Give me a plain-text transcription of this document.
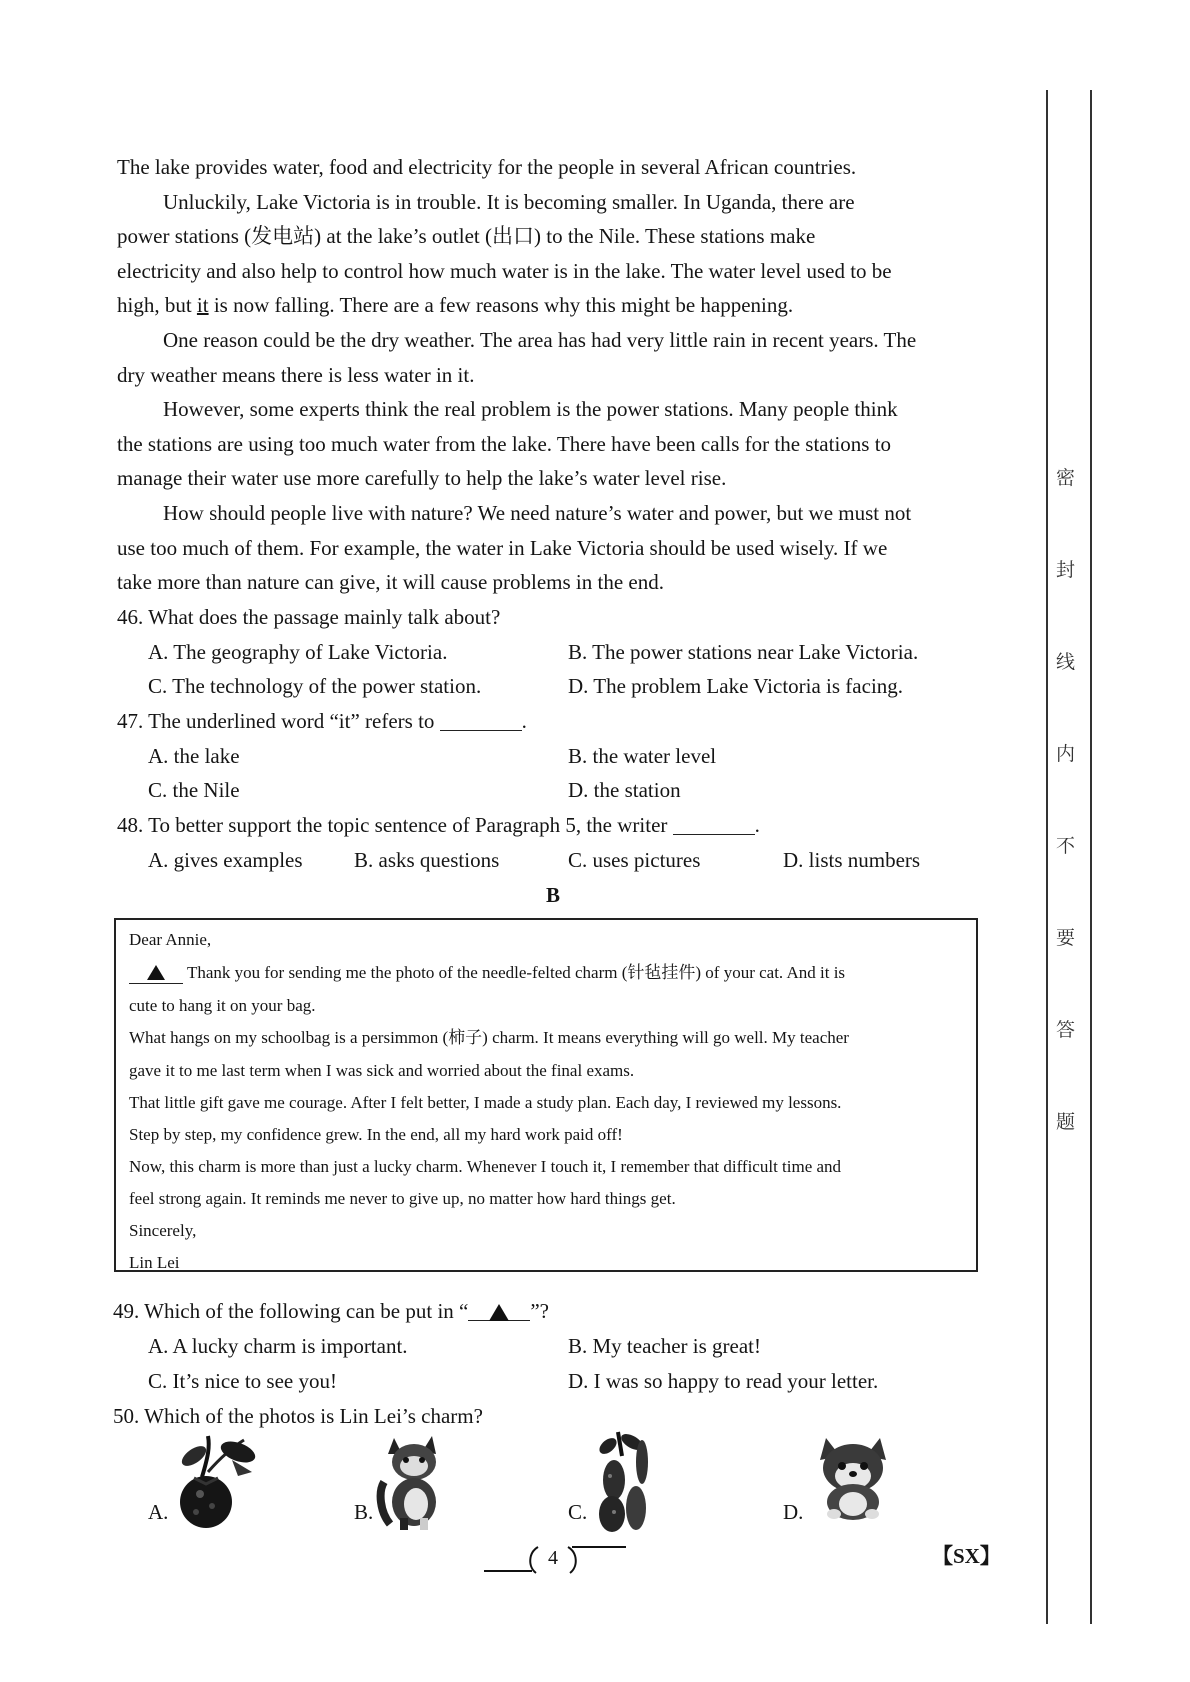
The lake provides water, food and electricity for the people in several African countries.
Unluckily, Lake Victoria is in trouble. It is becoming smaller. In Uganda, there are
power stations (发电站) at the lake’s outlet (出口) to the Nile. These stations make
electricity and also help to control how much water is in the lake. The water level used to be
high, but it is now falling. There are a few reasons why this might be happening.
One reason could be the dry weather. The area has had very little rain in recent years. The
dry weather means there is less water in it.
However, some experts think the real problem is the power stations. Many people think
the stations are using too much water from the lake. There have been calls for the stations to
manage their water use more carefully to help the lake’s water level rise.
How should people live with nature? We need nature’s water and power, but we must not
use too much of them. For example, the water in Lake Victoria should be used wisely. If we
take more than nature can give, it will cause problems in the end.
46. What does the passage mainly talk about?
A. The geography of Lake Victoria.	B. The power stations near Lake Victoria.
C. The technology of the power station.	D. The problem Lake Victoria is facing.
47. The underlined word “it” refers to	.
A. the lake	B. the water level
C. the Nile	D. the station
48. To better support the topic sentence of Paragraph 5, the writer	.
A. gives examples B. asks questions	C. uses pictures	D. lists numbers
B
Dear Annie,
Thank you for sending me the photo of the needle-felted charm (针毡挂件) of your cat. And it is
cute to hang it on your bag.
What hangs on my schoolbag is a persimmon (柿子) charm. It means everything will go well. My teacher
gave it to me last term when I was sick and worried about the final exams.
That little gift gave me courage. After I felt better, I made a study plan. Each day, I reviewed my lessons.
Step by step, my confidence grew. In the end, all my hard work paid off!
Now, this charm is more than just a lucky charm. Whenever I touch it, I remember that difficult time and
feel strong again. It reminds me never to give up, no matter how hard things get.
Sincerely,
Lin Lei
49. Which of the following can be put in “	”?
A. A lucky charm is important.	B. My teacher is great!
C. It’s nice to see you!	D. I was so happy to read your letter.
50. Which of the photos is Lin Lei’s charm?
A.	B.	C.	D.
4	【SX】
密
封
线
内
不
要
答
题
